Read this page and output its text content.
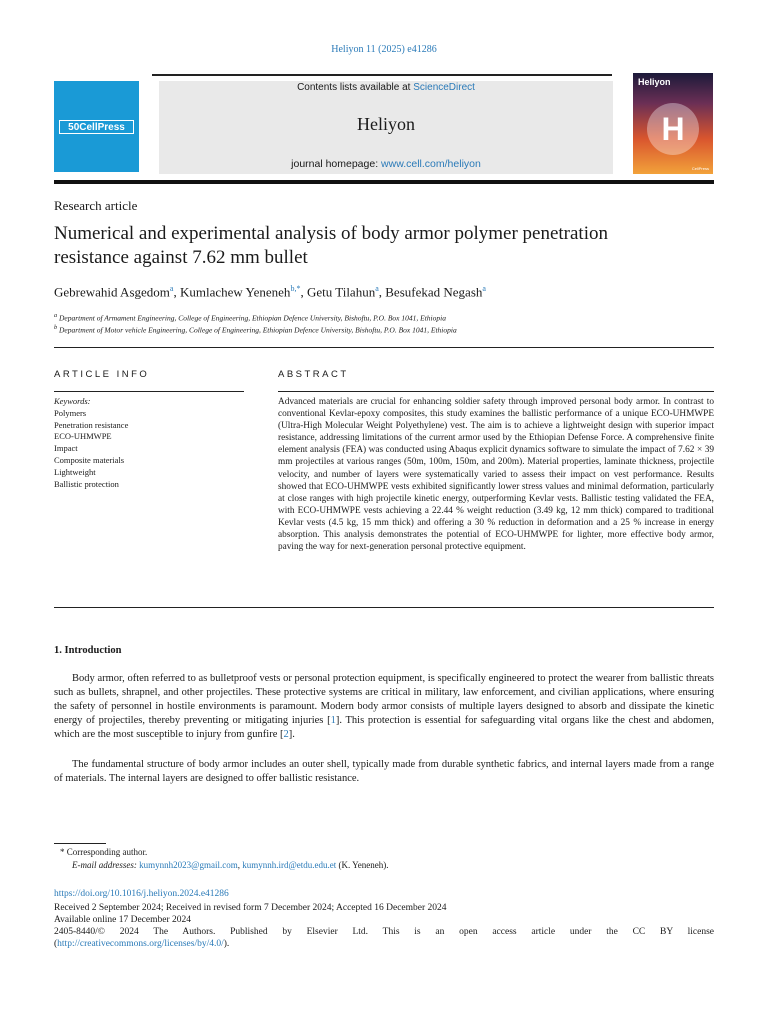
Heliyon 11 (2025) e41286
50CellPress
Contents lists available at ScienceDirect
Heliyon
journal homepage: www.cell.com/heliyon
Heliyon
H
CellPress
Research article
Numerical and experimental analysis of body armor polymer penetration resistance against 7.62 mm bullet
Gebrewahid Asgedom$^a$, Kumlachew Yeneneh$^{b,*}$, Getu Tilahun$^a$, Besufekad Negash$^a$
$^a$ Department of Armament Engineering, College of Engineering, Ethiopian Defence University, Bishoftu, P.O. Box 1041, Ethiopia
$^b$ Department of Motor vehicle Engineering, College of Engineering, Ethiopian Defence University, Bishoftu, P.O. Box 1041, Ethiopia
ARTICLE INFO	ABSTRACT
Keywords:
Polymers
Penetration resistance
ECO-UHMWPE
Impact
Composite materials
Lightweight
Ballistic protection

Advanced materials are crucial for enhancing soldier safety through improved personal body armor. In contrast to conventional Kevlar-epoxy composites, this study examines the ballistic performance of a unique ECO-UHMWPE (Ultra-High Molecular Weight Polyethylene) vest. The aim is to achieve a lightweight design with superior impact resistance, addressing limitations of the current armor used by the Ethiopian Defense Force. A comprehensive finite element analysis (FEA) was conducted using Abaqus explicit dynamics software to simulate the impact of 7.62 × 39 mm projectiles at various ranges (50m, 100m, 150m, and 200m). Material properties, laminate thickness, projectile velocity, and number of layers were systematically varied to assess their impact on vest performance. Results showed that ECO-UHMWPE vests exhibited significantly lower stress values and minimal deformation, particularly at close ranges with high projectile kinetic energy, outperforming Kevlar vests. Ballistic testing validated the FEA, with ECO-UHMWPE vests achieving a 22.44 % weight reduction (3.49 kg, 12 mm thick) compared to traditional Kevlar vests (4.5 kg, 15 mm thick) and offering a 30 % reduction in deformation and a 25 % increase in energy absorption. This analysis demonstrates the potential of ECO-UHMWPE for lighter, more effective body armor, paving the way for next-generation personal protective equipment.

1. Introduction

Body armor, often referred to as bulletproof vests or personal protection equipment, is specifically engineered to protect the wearer from ballistic threats such as bullets, shrapnel, and other projectiles. These protective systems are critical in military, law enforcement, and civilian applications, where ensuring the safety of personnel in hostile environments is paramount. Modern body armor consists of multiple layers designed to absorb and dissipate the kinetic energy of projectiles, thereby preventing or mitigating injuries [1]. This protection is essential for safeguarding vital organs like the chest and abdomen, which are the most susceptible to injury from gunfire [2].

The fundamental structure of body armor includes an outer shell, typically made from durable synthetic fabrics, and internal layers made from a range of materials. The internal layers are designed to offer ballistic resistance.

* Corresponding author.
E-mail addresses: kumynnh2023@gmail.com, kumynnh.ird@etdu.edu.et (K. Yeneneh).
https://doi.org/10.1016/j.heliyon.2024.e41286
Received 2 September 2024; Received in revised form 7 December 2024; Accepted 16 December 2024
Available online 17 December 2024
2405-8440/© 2024 The Authors. Published by Elsevier Ltd. This is an open access article under the CC BY license
(http://creativecommons.org/licenses/by/4.0/).
